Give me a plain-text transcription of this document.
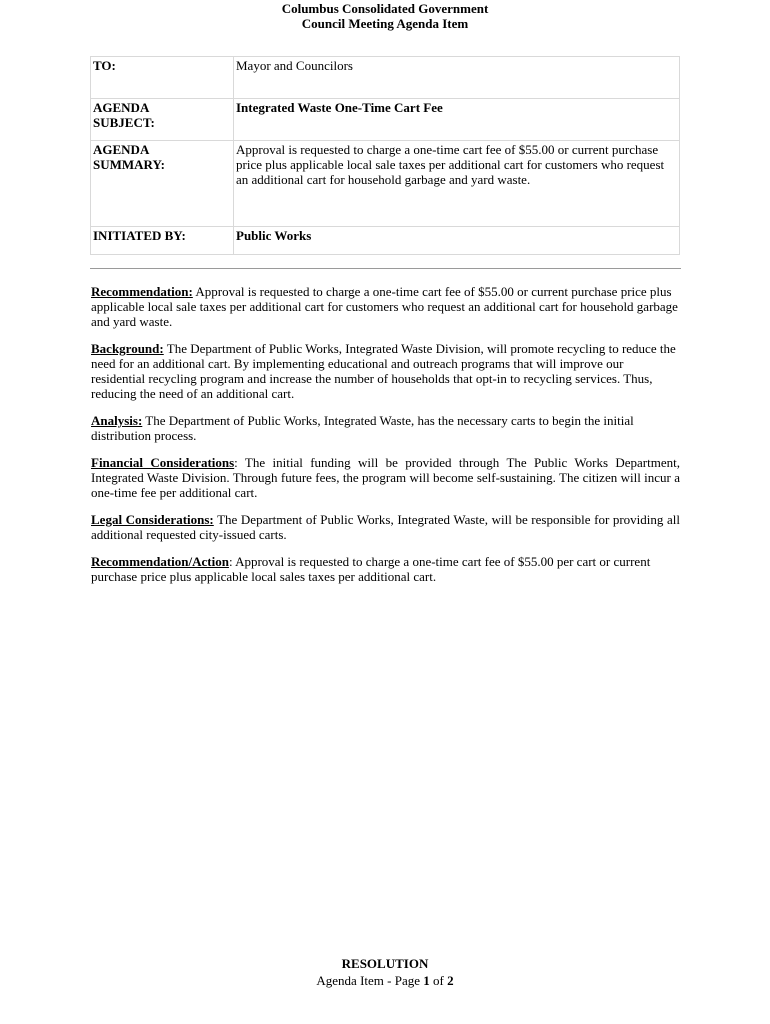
Columbus Consolidated Government
Council Meeting Agenda Item
TO:	Mayor and Councilors

AGENDA
SUBJECT:	Integrated Waste One-Time Cart Fee

AGENDA
SUMMARY:	Approval is requested to charge a one-time cart fee of $55.00 or current purchase price plus applicable local sale taxes per additional cart for customers who request an additional cart for household garbage and yard waste.

INITIATED BY:	Public Works

Recommendation: Approval is requested to charge a one-time cart fee of $55.00 or current purchase price plus applicable local sale taxes per additional cart for customers who request an additional cart for household garbage and yard waste.

Background: The Department of Public Works, Integrated Waste Division, will promote recycling to reduce the need for an additional cart. By implementing educational and outreach programs that will improve our residential recycling program and increase the number of households that opt-in to recycling services. Thus, reducing the need of an additional cart.

Analysis: The Department of Public Works, Integrated Waste, has the necessary carts to begin the initial distribution process.

Financial Considerations: The initial funding will be provided through The Public Works Department, Integrated Waste Division. Through future fees, the program will become self-sustaining. The citizen will incur a one-time fee per additional cart.

Legal Considerations: The Department of Public Works, Integrated Waste, will be responsible for providing all additional requested city-issued carts.

Recommendation/Action: Approval is requested to charge a one-time cart fee of $55.00 per cart or current purchase price plus applicable local sales taxes per additional cart.

RESOLUTION
Agenda Item - Page 1 of 2
